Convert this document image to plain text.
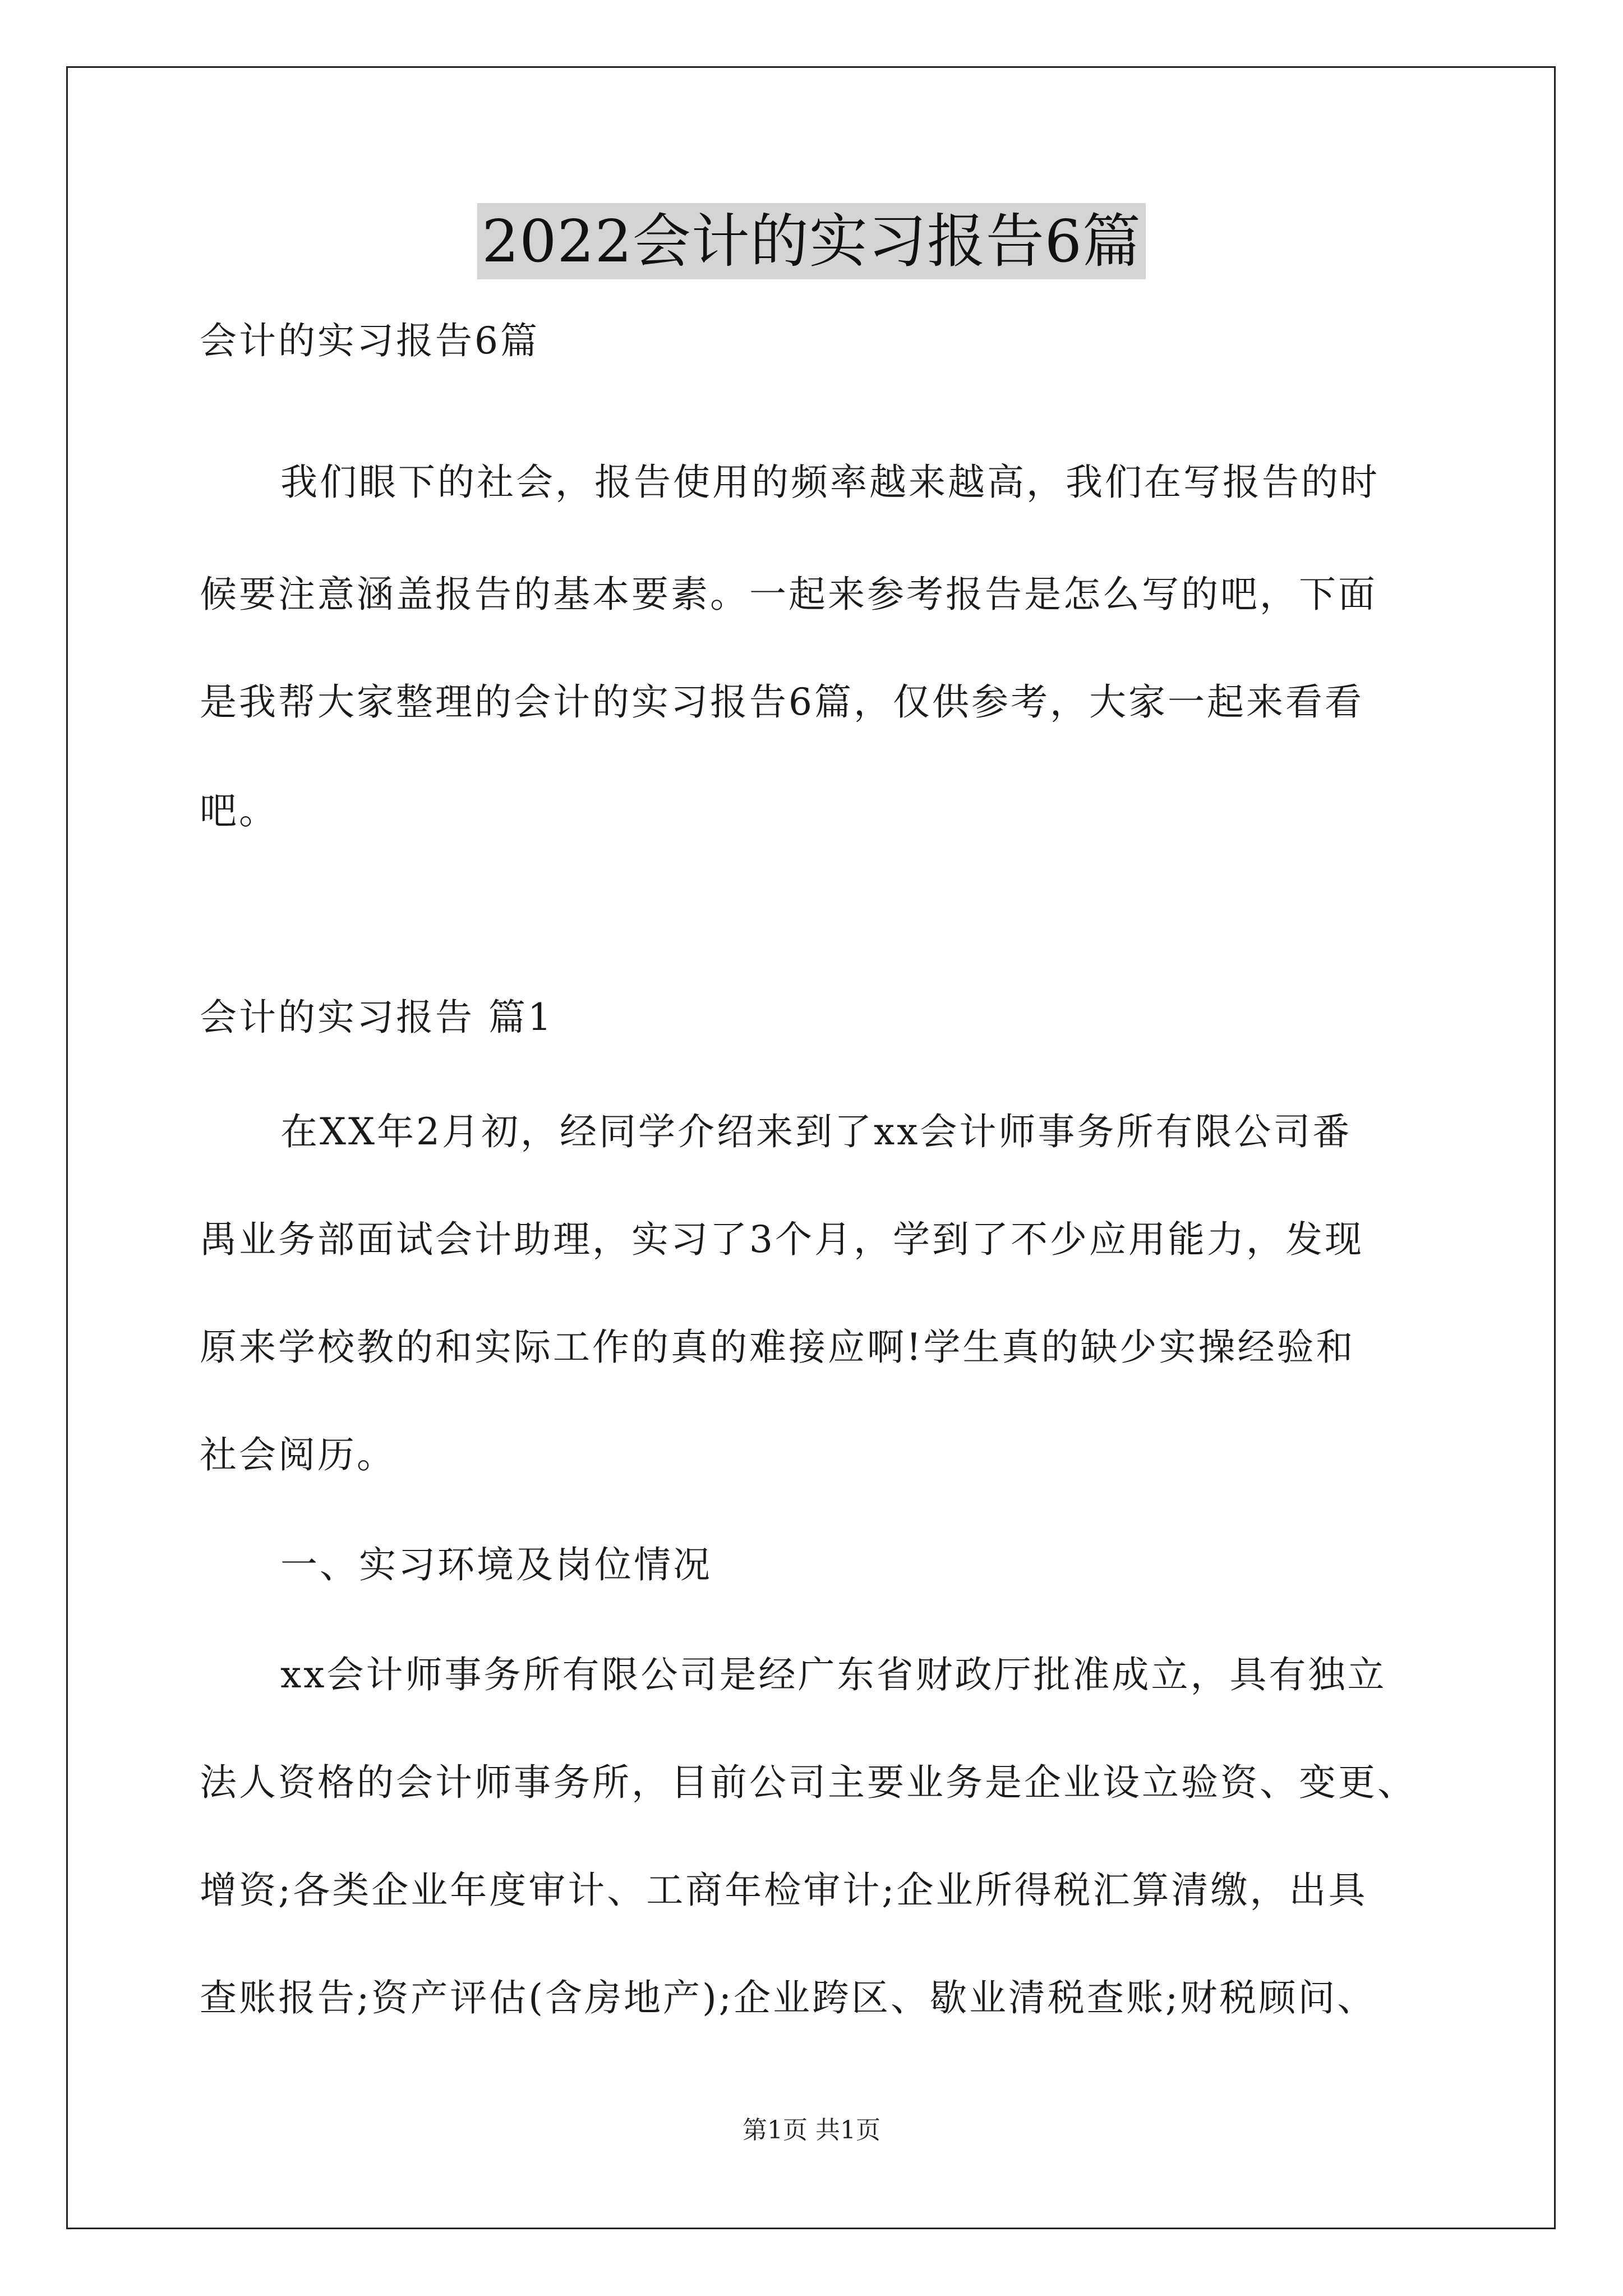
2022会计的实习报告6篇
会计的实习报告6篇
我们眼下的社会，报告使用的频率越来越高，我们在写报告的时
候要注意涵盖报告的基本要素。一起来参考报告是怎么写的吧，下面
是我帮大家整理的会计的实习报告6篇，仅供参考，大家一起来看看
吧。
会计的实习报告 篇1
在XX年2月初，经同学介绍来到了xx会计师事务所有限公司番
禺业务部面试会计助理，实习了3个月，学到了不少应用能力，发现
原来学校教的和实际工作的真的难接应啊!学生真的缺少实操经验和
社会阅历。
一、实习环境及岗位情况
xx会计师事务所有限公司是经广东省财政厅批准成立，具有独立
法人资格的会计师事务所，目前公司主要业务是企业设立验资、变更、
增资;各类企业年度审计、工商年检审计;企业所得税汇算清缴，出具
查账报告;资产评估(含房地产);企业跨区、歇业清税查账;财税顾问、
第1页 共1页
